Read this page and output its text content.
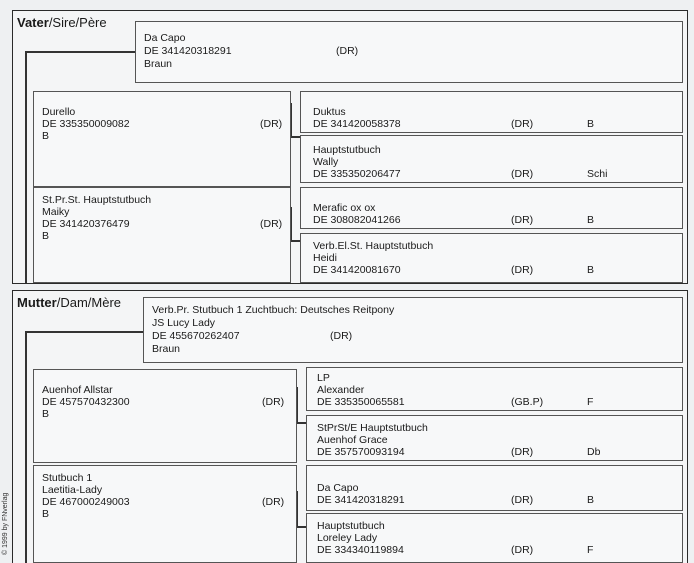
© 1999 by FNverlag
Vater/Sire/Père
Da Capo
DE 341420318291	(DR)
Braun
Durello
DE 335350009082	(DR)
B
St.Pr.St. Hauptstutbuch
Maiky
DE 341420376479	(DR)
B
Duktus
DE 341420058378	(DR)	B
Hauptstutbuch
Wally
DE 335350206477	(DR)	Schi
Merafic ox ox
DE 308082041266	(DR)	B
Verb.El.St. Hauptstutbuch
Heidi
DE 341420081670	(DR)	B
Mutter/Dam/Mère	Verb.Pr. Stutbuch 1 Zuchtbuch: Deutsches Reitpony
JS Lucy Lady
DE 455670262407	(DR)
Braun
Auenhof Allstar
DE 457570432300	(DR)
B
Stutbuch 1
Laetitia-Lady
DE 467000249003	(DR)
B
LP
Alexander
DE 335350065581	(GB.P)	F
StPrSt/E Hauptstutbuch
Auenhof Grace
DE 357570093194	(DR)	Db
Da Capo
DE 341420318291	(DR)	B
Hauptstutbuch
Loreley Lady
DE 334340119894	(DR)	F
